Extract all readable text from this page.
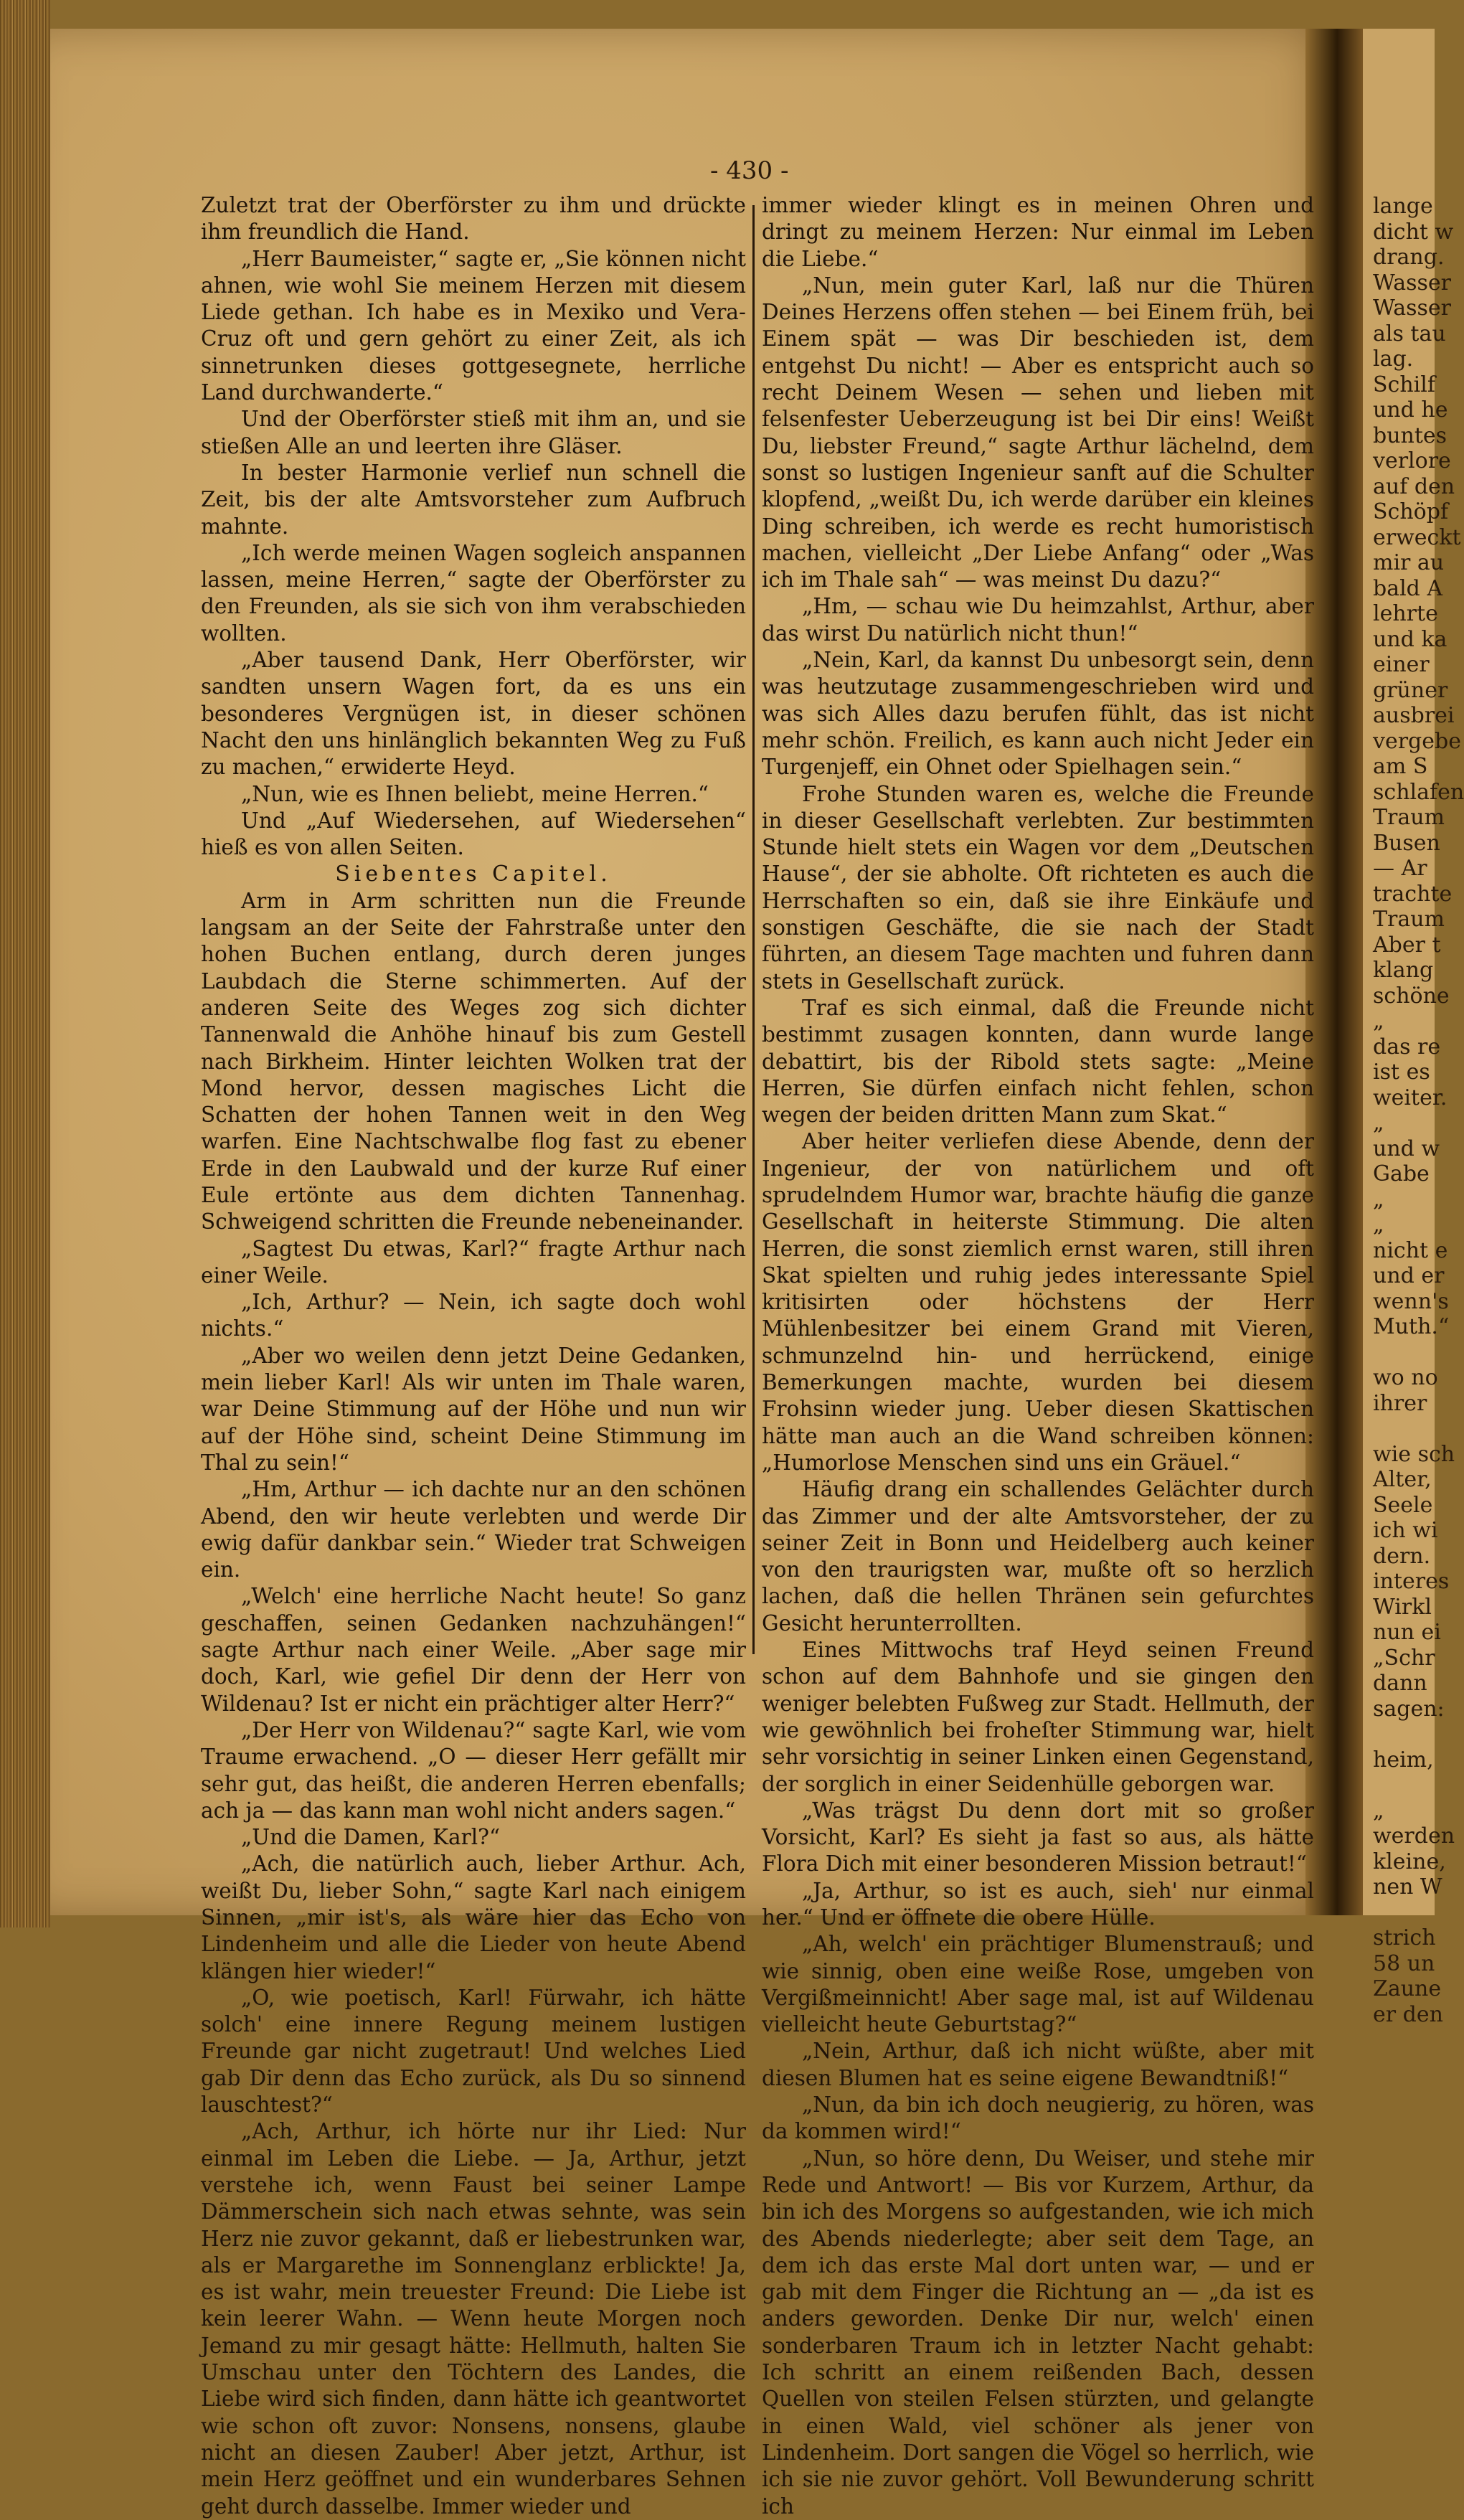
lange
dicht w
drang.
Wasser
Wasser
als tau
lag.
Schilf
und he
buntes
verlore
auf den
Schöpf
erweckt
mir au
bald A
lehrte
und ka
einer
grüner
ausbrei
vergebe
am S
schlafen
Traum
Busen
— Ar
trachte
Traum
Aber t
klang
schöne
„
das re
ist es
weiter.
„
und w
Gabe
„
„
nicht e
und er
wenn's
Muth.“
wo no
ihrer
wie sch
Alter,
Seele
ich wi
dern.
interes
Wirkl
nun ei
„Schr
dann
sagen:
heim,
„
werden
kleine,
nen W
strich
58 un
Zaune
er den
- 430 -

Zuletzt trat der Oberförster zu ihm und drückte ihm freundlich die Hand.

„Herr Baumeister,“ sagte er, „Sie können nicht ahnen, wie wohl Sie meinem Herzen mit diesem Liede gethan. Ich habe es in Mexiko und Vera-Cruz oft und gern gehört zu einer Zeit, als ich sinnetrunken dieses gottgesegnete, herrliche Land durchwanderte.“

Und der Oberförster stieß mit ihm an, und sie stießen Alle an und leerten ihre Gläser.

In bester Harmonie verlief nun schnell die Zeit, bis der alte Amtsvorsteher zum Aufbruch mahnte.

„Ich werde meinen Wagen sogleich anspannen lassen, meine Herren,“ sagte der Oberförster zu den Freunden, als sie sich von ihm verabschieden wollten.

„Aber tausend Dank, Herr Oberförster, wir sandten unsern Wagen fort, da es uns ein besonderes Vergnügen ist, in dieser schönen Nacht den uns hinlänglich bekannten Weg zu Fuß zu machen,“ erwiderte Heyd.

„Nun, wie es Ihnen beliebt, meine Herren.“

Und „Auf Wiedersehen, auf Wiedersehen“ hieß es von allen Seiten.

Siebentes Capitel.

Arm in Arm schritten nun die Freunde langsam an der Seite der Fahrstraße unter den hohen Buchen entlang, durch deren junges Laubdach die Sterne schimmerten. Auf der anderen Seite des Weges zog sich dichter Tannenwald die Anhöhe hinauf bis zum Gestell nach Birkheim. Hinter leichten Wolken trat der Mond hervor, dessen magisches Licht die Schatten der hohen Tannen weit in den Weg warfen. Eine Nachtschwalbe flog fast zu ebener Erde in den Laubwald und der kurze Ruf einer Eule ertönte aus dem dichten Tannenhag. Schweigend schritten die Freunde nebeneinander.

„Sagtest Du etwas, Karl?“ fragte Arthur nach einer Weile.

„Ich, Arthur? — Nein, ich sagte doch wohl nichts.“

„Aber wo weilen denn jetzt Deine Gedanken, mein lieber Karl! Als wir unten im Thale waren, war Deine Stimmung auf der Höhe und nun wir auf der Höhe sind, scheint Deine Stimmung im Thal zu sein!“

„Hm, Arthur — ich dachte nur an den schönen Abend, den wir heute verlebten und werde Dir ewig dafür dankbar sein.“ Wieder trat Schweigen ein.

„Welch' eine herrliche Nacht heute! So ganz geschaffen, seinen Gedanken nachzuhängen!“ sagte Arthur nach einer Weile. „Aber sage mir doch, Karl, wie gefiel Dir denn der Herr von Wildenau? Ist er nicht ein prächtiger alter Herr?“

„Der Herr von Wildenau?“ sagte Karl, wie vom Traume erwachend. „O — dieser Herr gefällt mir sehr gut, das heißt, die anderen Herren ebenfalls; ach ja — das kann man wohl nicht anders sagen.“

„Und die Damen, Karl?“

„Ach, die natürlich auch, lieber Arthur. Ach, weißt Du, lieber Sohn,“ sagte Karl nach einigem Sinnen, „mir ist's, als wäre hier das Echo von Lindenheim und alle die Lieder von heute Abend klängen hier wieder!“

„O, wie poetisch, Karl! Fürwahr, ich hätte solch' eine innere Regung meinem lustigen Freunde gar nicht zugetraut! Und welches Lied gab Dir denn das Echo zurück, als Du so sinnend lauschtest?“

„Ach, Arthur, ich hörte nur ihr Lied: Nur einmal im Leben die Liebe. — Ja, Arthur, jetzt verstehe ich, wenn Faust bei seiner Lampe Dämmerschein sich nach etwas sehnte, was sein Herz nie zuvor gekannt, daß er liebestrunken war, als er Margarethe im Sonnenglanz erblickte! Ja, es ist wahr, mein treuester Freund: Die Liebe ist kein leerer Wahn. — Wenn heute Morgen noch Jemand zu mir gesagt hätte: Hellmuth, halten Sie Umschau unter den Töchtern des Landes, die Liebe wird sich finden, dann hätte ich geantwortet wie schon oft zuvor: Nonsens, nonsens, glaube nicht an diesen Zauber! Aber jetzt, Arthur, ist mein Herz geöffnet und ein wunderbares Sehnen geht durch dasselbe. Immer wieder und

immer wieder klingt es in meinen Ohren und dringt zu meinem Herzen: Nur einmal im Leben die Liebe.“

„Nun, mein guter Karl, laß nur die Thüren Deines Herzens offen stehen — bei Einem früh, bei Einem spät — was Dir beschieden ist, dem entgehst Du nicht! — Aber es entspricht auch so recht Deinem Wesen — sehen und lieben mit felsenfester Ueberzeugung ist bei Dir eins! Weißt Du, liebster Freund,“ sagte Arthur lächelnd, dem sonst so lustigen Ingenieur sanft auf die Schulter klopfend, „weißt Du, ich werde darüber ein kleines Ding schreiben, ich werde es recht humoristisch machen, vielleicht „Der Liebe Anfang“ oder „Was ich im Thale sah“ — was meinst Du dazu?“

„Hm, — schau wie Du heimzahlst, Arthur, aber das wirst Du natürlich nicht thun!“

„Nein, Karl, da kannst Du unbesorgt sein, denn was heutzutage zusammengeschrieben wird und was sich Alles dazu berufen fühlt, das ist nicht mehr schön. Freilich, es kann auch nicht Jeder ein Turgenjeff, ein Ohnet oder Spielhagen sein.“

Frohe Stunden waren es, welche die Freunde in dieser Gesellschaft verlebten. Zur bestimmten Stunde hielt stets ein Wagen vor dem „Deutschen Hause“, der sie abholte. Oft richteten es auch die Herrschaften so ein, daß sie ihre Einkäufe und sonstigen Geschäfte, die sie nach der Stadt führten, an diesem Tage machten und fuhren dann stets in Gesellschaft zurück.

Traf es sich einmal, daß die Freunde nicht bestimmt zusagen konnten, dann wurde lange debattirt, bis der Ribold stets sagte: „Meine Herren, Sie dürfen einfach nicht fehlen, schon wegen der beiden dritten Mann zum Skat.“

Aber heiter verliefen diese Abende, denn der Ingenieur, der von natürlichem und oft sprudelndem Humor war, brachte häufig die ganze Gesellschaft in heiterste Stimmung. Die alten Herren, die sonst ziemlich ernst waren, still ihren Skat spielten und ruhig jedes interessante Spiel kritisirten oder höchstens der Herr Mühlenbesitzer bei einem Grand mit Vieren, schmunzelnd hin- und herrückend, einige Bemerkungen machte, wurden bei diesem Frohsinn wieder jung. Ueber diesen Skattischen hätte man auch an die Wand schreiben können: „Humorlose Menschen sind uns ein Gräuel.“

Häufig drang ein schallendes Gelächter durch das Zimmer und der alte Amtsvorsteher, der zu seiner Zeit in Bonn und Heidelberg auch keiner von den traurigsten war, mußte oft so herzlich lachen, daß die hellen Thränen sein gefurchtes Gesicht herunterrollten.

Eines Mittwochs traf Heyd seinen Freund schon auf dem Bahnhofe und sie gingen den weniger belebten Fußweg zur Stadt. Hellmuth, der wie gewöhnlich bei froheſter Stimmung war, hielt sehr vorsichtig in seiner Linken einen Gegenstand, der sorglich in einer Seidenhülle geborgen war.

„Was trägst Du denn dort mit so großer Vorsicht, Karl? Es sieht ja fast so aus, als hätte Flora Dich mit einer besonderen Mission betraut!“

„Ja, Arthur, so ist es auch, sieh' nur einmal her.“ Und er öffnete die obere Hülle.

„Ah, welch' ein prächtiger Blumenstrauß; und wie sinnig, oben eine weiße Rose, umgeben von Vergißmeinnicht! Aber sage mal, ist auf Wildenau vielleicht heute Geburtstag?“

„Nein, Arthur, daß ich nicht wüßte, aber mit diesen Blumen hat es seine eigene Bewandtniß!“

„Nun, da bin ich doch neugierig, zu hören, was da kommen wird!“

„Nun, so höre denn, Du Weiser, und stehe mir Rede und Antwort! — Bis vor Kurzem, Arthur, da bin ich des Morgens so aufgestanden, wie ich mich des Abends niederlegte; aber seit dem Tage, an dem ich das erste Mal dort unten war, — und er gab mit dem Finger die Richtung an — „da ist es anders geworden. Denke Dir nur, welch' einen sonderbaren Traum ich in letzter Nacht gehabt: Ich schritt an einem reißenden Bach, dessen Quellen von steilen Felsen stürzten, und gelangte in einen Wald, viel schöner als jener von Lindenheim. Dort sangen die Vögel so herrlich, wie ich sie nie zuvor gehört. Voll Bewunderung schritt ich
